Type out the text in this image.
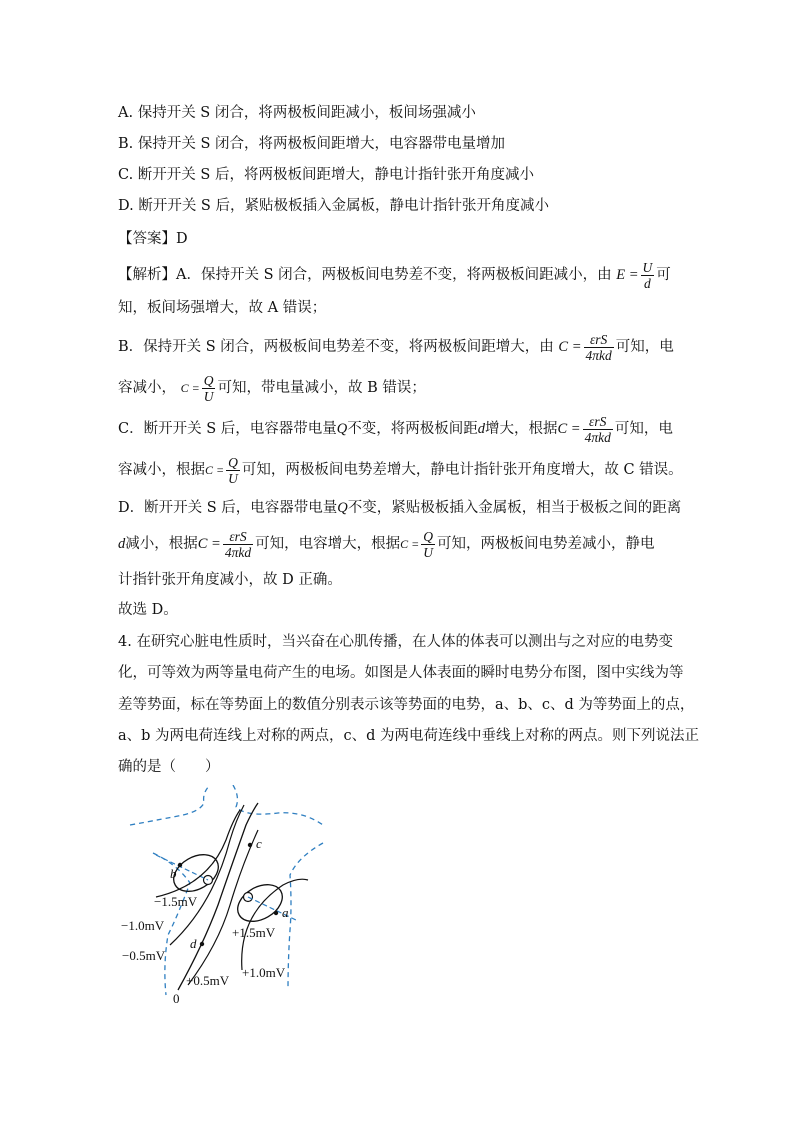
A. 保持开关 S 闭合，将两极板间距减小，板间场强减小
B. 保持开关 S 闭合，将两极板间距增大，电容器带电量增加
C. 断开开关 S 后，将两极板间距增大，静电计指针张开角度减小
D. 断开开关 S 后，紧贴极板插入金属板，静电计指针张开角度减小
【答案】D
【解析】A．保持开关 S 闭合，两极板间电势差不变，将两极板间距减小，由 $E = \frac{U}{d}$ 可
知，板间场强增大，故 A 错误；
B．保持开关 S 闭合，两极板间电势差不变，将两极板间距增大，由 $C = \frac{\text{εrS}}{\text{4πkd}}$ 可知，电
容减小， $C = \frac{Q}{U}$ 可知，带电量减小，故 B 错误；
C．断开开关 S 后，电容器带电量Q不变，将两极板间距d增大，根据$C = \frac{\text{εrS}}{\text{4πkd}}$ 可知，电
容减小，根据$C = \frac{Q}{U}$ 可知，两极板间电势差增大，静电计指针张开角度增大，故 C 错误。
D．断开开关 S 后，电容器带电量Q不变，紧贴极板插入金属板，相当于极板之间的距离
d减小，根据$C = \frac{\text{εrS}}{\text{4πkd}}$ 可知，电容增大，根据$C = \frac{Q}{U}$ 可知，两极板间电势差减小，静电
计指针张开角度减小，故 D 正确。
故选 D。
4. 在研究心脏电性质时，当兴奋在心肌传播，在人体的体表可以测出与之对应的电势变
化，可等效为两等量电荷产生的电场。如图是人体表面的瞬时电势分布图，图中实线为等
差等势面，标在等势面上的数值分别表示该等势面的电势，a、b、c、d 为等势面上的点，
a、b 为两电荷连线上对称的两点，c、d 为两电荷连线中垂线上对称的两点。则下列说法正
确的是（　　）
c
b
a
d
−1.5mV
−1.0mV
−0.5mV
+1.5mV
+1.0mV
+0.5mV
0
